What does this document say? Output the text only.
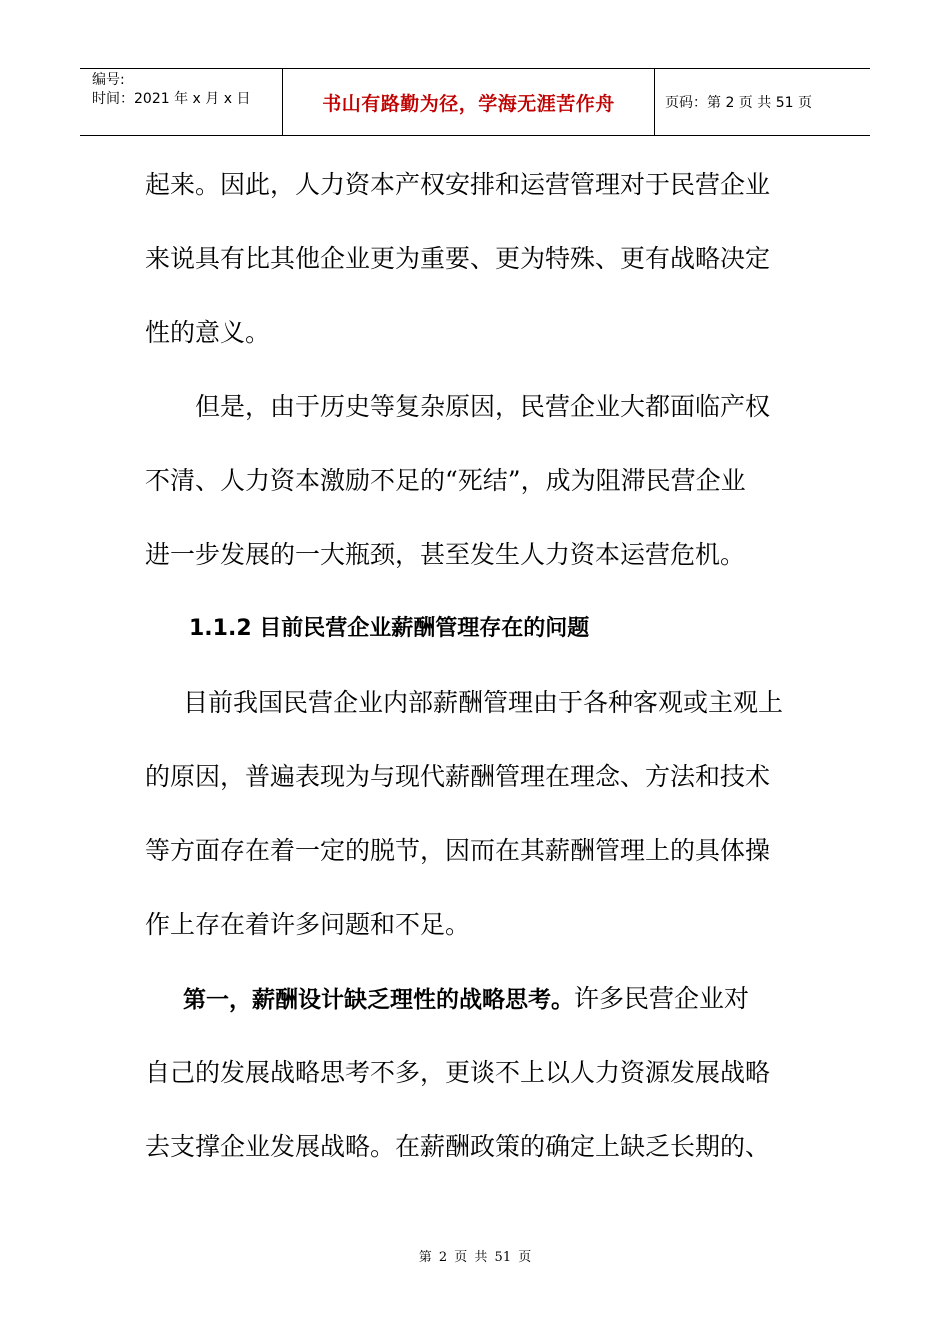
编号:
时间：2021 年 x 月 x 日	书山有路勤为径，学海无涯苦作舟	页码：第 2 页 共 51 页
起来。因此，人力资本产权安排和运营管理对于民营企业
来说具有比其他企业更为重要、更为特殊、更有战略决定
性的意义。
但是，由于历史等复杂原因，民营企业大都面临产权
不清、人力资本激励不足的“死结”，成为阻滞民营企业
进一步发展的一大瓶颈，甚至发生人力资本运营危机。
1.1.2 目前民营企业薪酬管理存在的问题
目前我国民营企业内部薪酬管理由于各种客观或主观上
的原因，普遍表现为与现代薪酬管理在理念、方法和技术
等方面存在着一定的脱节，因而在其薪酬管理上的具体操
作上存在着许多问题和不足。
第一，薪酬设计缺乏理性的战略思考。许多民营企业对
自己的发展战略思考不多，更谈不上以人力资源发展战略
去支撑企业发展战略。在薪酬政策的确定上缺乏长期的、
第 2 页 共 51 页
